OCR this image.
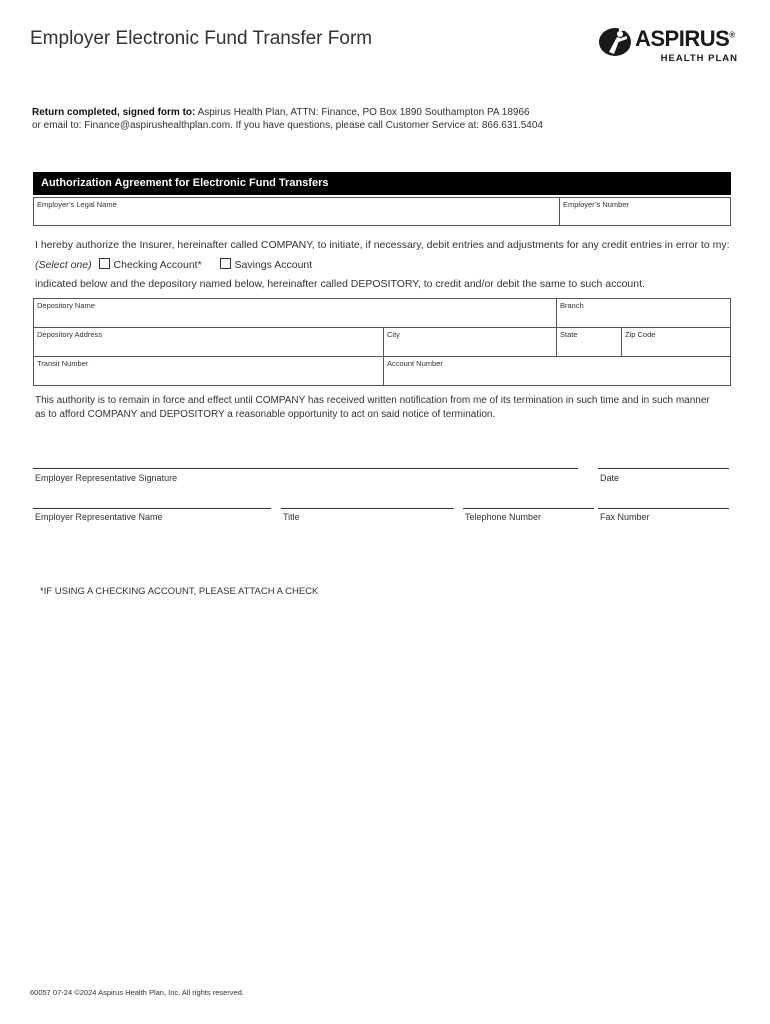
Employer Electronic Fund Transfer Form	ASPIRUS®
HEALTH PLAN
Return completed, signed form to: Aspirus Health Plan, ATTN: Finance, PO Box 1890 Southampton PA 18966
or email to: Finance@aspirushealthplan.com. If you have questions, please call Customer Service at: 866.631.5404
Authorization Agreement for Electronic Fund Transfers
Employer’s Legal Name	Employer’s Number
I hereby authorize the Insurer, hereinafter called COMPANY, to initiate, if necessary, debit entries and adjustments for any credit entries in error to my:
(Select one) Checking Account*	Savings Account
indicated below and the depository named below, hereinafter called DEPOSITORY, to credit and/or debit the same to such account.
Depository Name	Branch
Depository Address	City	State	Zip Code
Transit Number	Account Number
This authority is to remain in force and effect until COMPANY has received written notification from me of its termination in such time and in such manner
as to afford COMPANY and DEPOSITORY a reasonable opportunity to act on said notice of termination.
Employer Representative Signature	Date
Employer Representative Name	Title	Telephone Number	Fax Number
*IF USING A CHECKING ACCOUNT, PLEASE ATTACH A CHECK
60057 07-24 ©2024 Aspirus Health Plan, Inc. All rights reserved.
